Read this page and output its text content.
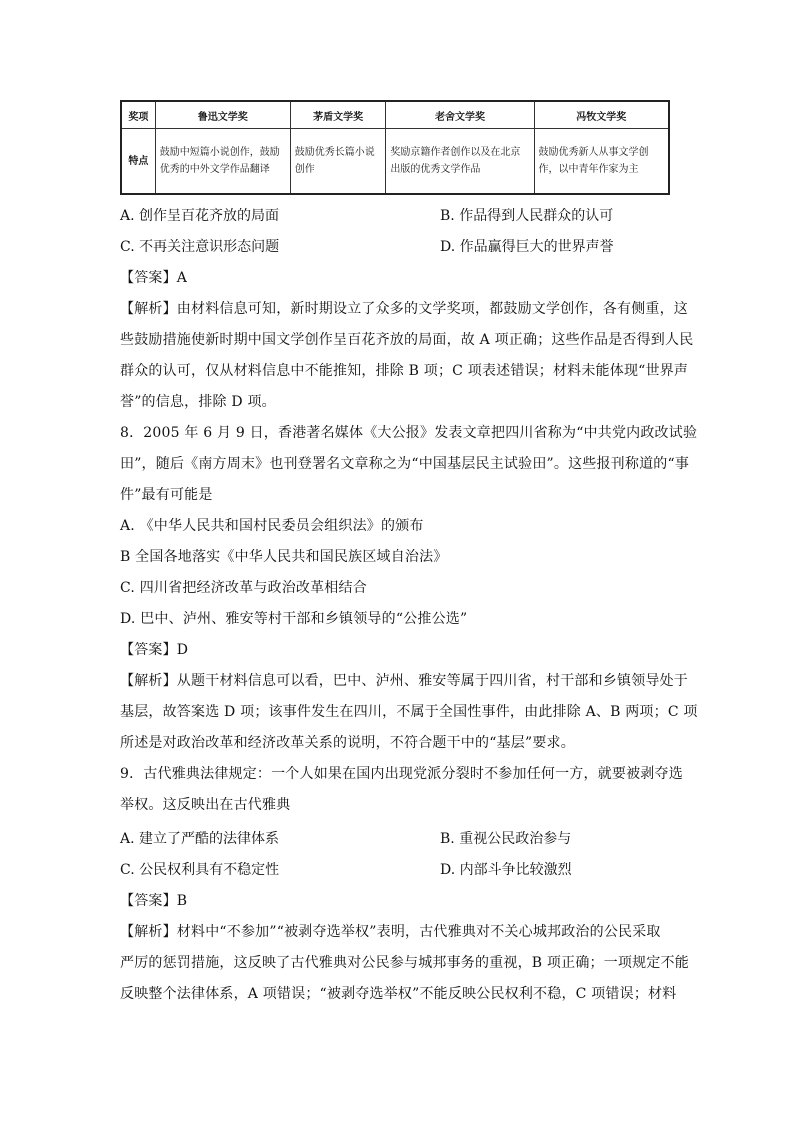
奖项	鲁迅文学奖	茅盾文学奖	老舍文学奖	冯牧文学奖
特点	鼓励中短篇小说创作，鼓励优秀的中外文学作品翻译	鼓励优秀长篇小说创作	奖励京籍作者创作以及在北京出版的优秀文学作品	鼓励优秀新人从事文学创作，以中青年作家为主
A. 创作呈百花齐放的局面	B. 作品得到人民群众的认可
C. 不再关注意识形态问题	D. 作品赢得巨大的世界声誉
【答案】A
【解析】由材料信息可知，新时期设立了众多的文学奖项，都鼓励文学创作，各有侧重，这
些鼓励措施使新时期中国文学创作呈百花齐放的局面，故 A 项正确；这些作品是否得到人民
群众的认可，仅从材料信息中不能推知，排除 B 项；C 项表述错误；材料未能体现“世界声
誉”的信息，排除 D 项。
8．2005 年 6 月 9 日，香港著名媒体《大公报》发表文章把四川省称为“中共党内政改试验
田”，随后《南方周末》也刊登署名文章称之为“中国基层民主试验田”。这些报刊称道的“事
件”最有可能是
A. 《中华人民共和国村民委员会组织法》的颁布
B 全国各地落实《中华人民共和国民族区域自治法》
C. 四川省把经济改革与政治改革相结合
D. 巴中、泸州、雅安等村干部和乡镇领导的“公推公选”
【答案】D
【解析】从题干材料信息可以看，巴中、泸州、雅安等属于四川省，村干部和乡镇领导处于
基层，故答案选 D 项；该事件发生在四川，不属于全国性事件，由此排除 A、B 两项；C 项
所述是对政治改革和经济改革关系的说明，不符合题干中的“基层”要求。
9．古代雅典法律规定：一个人如果在国内出现党派分裂时不参加任何一方，就要被剥夺选
举权。这反映出在古代雅典
A. 建立了严酷的法律体系	B. 重视公民政治参与
C. 公民权利具有不稳定性	D. 内部斗争比较激烈
【答案】B
【解析】材料中“不参加”“被剥夺选举权”表明，古代雅典对不关心城邦政治的公民采取
严厉的惩罚措施，这反映了古代雅典对公民参与城邦事务的重视，B 项正确；一项规定不能
反映整个法律体系，A 项错误；“被剥夺选举权”不能反映公民权利不稳，C 项错误；材料
